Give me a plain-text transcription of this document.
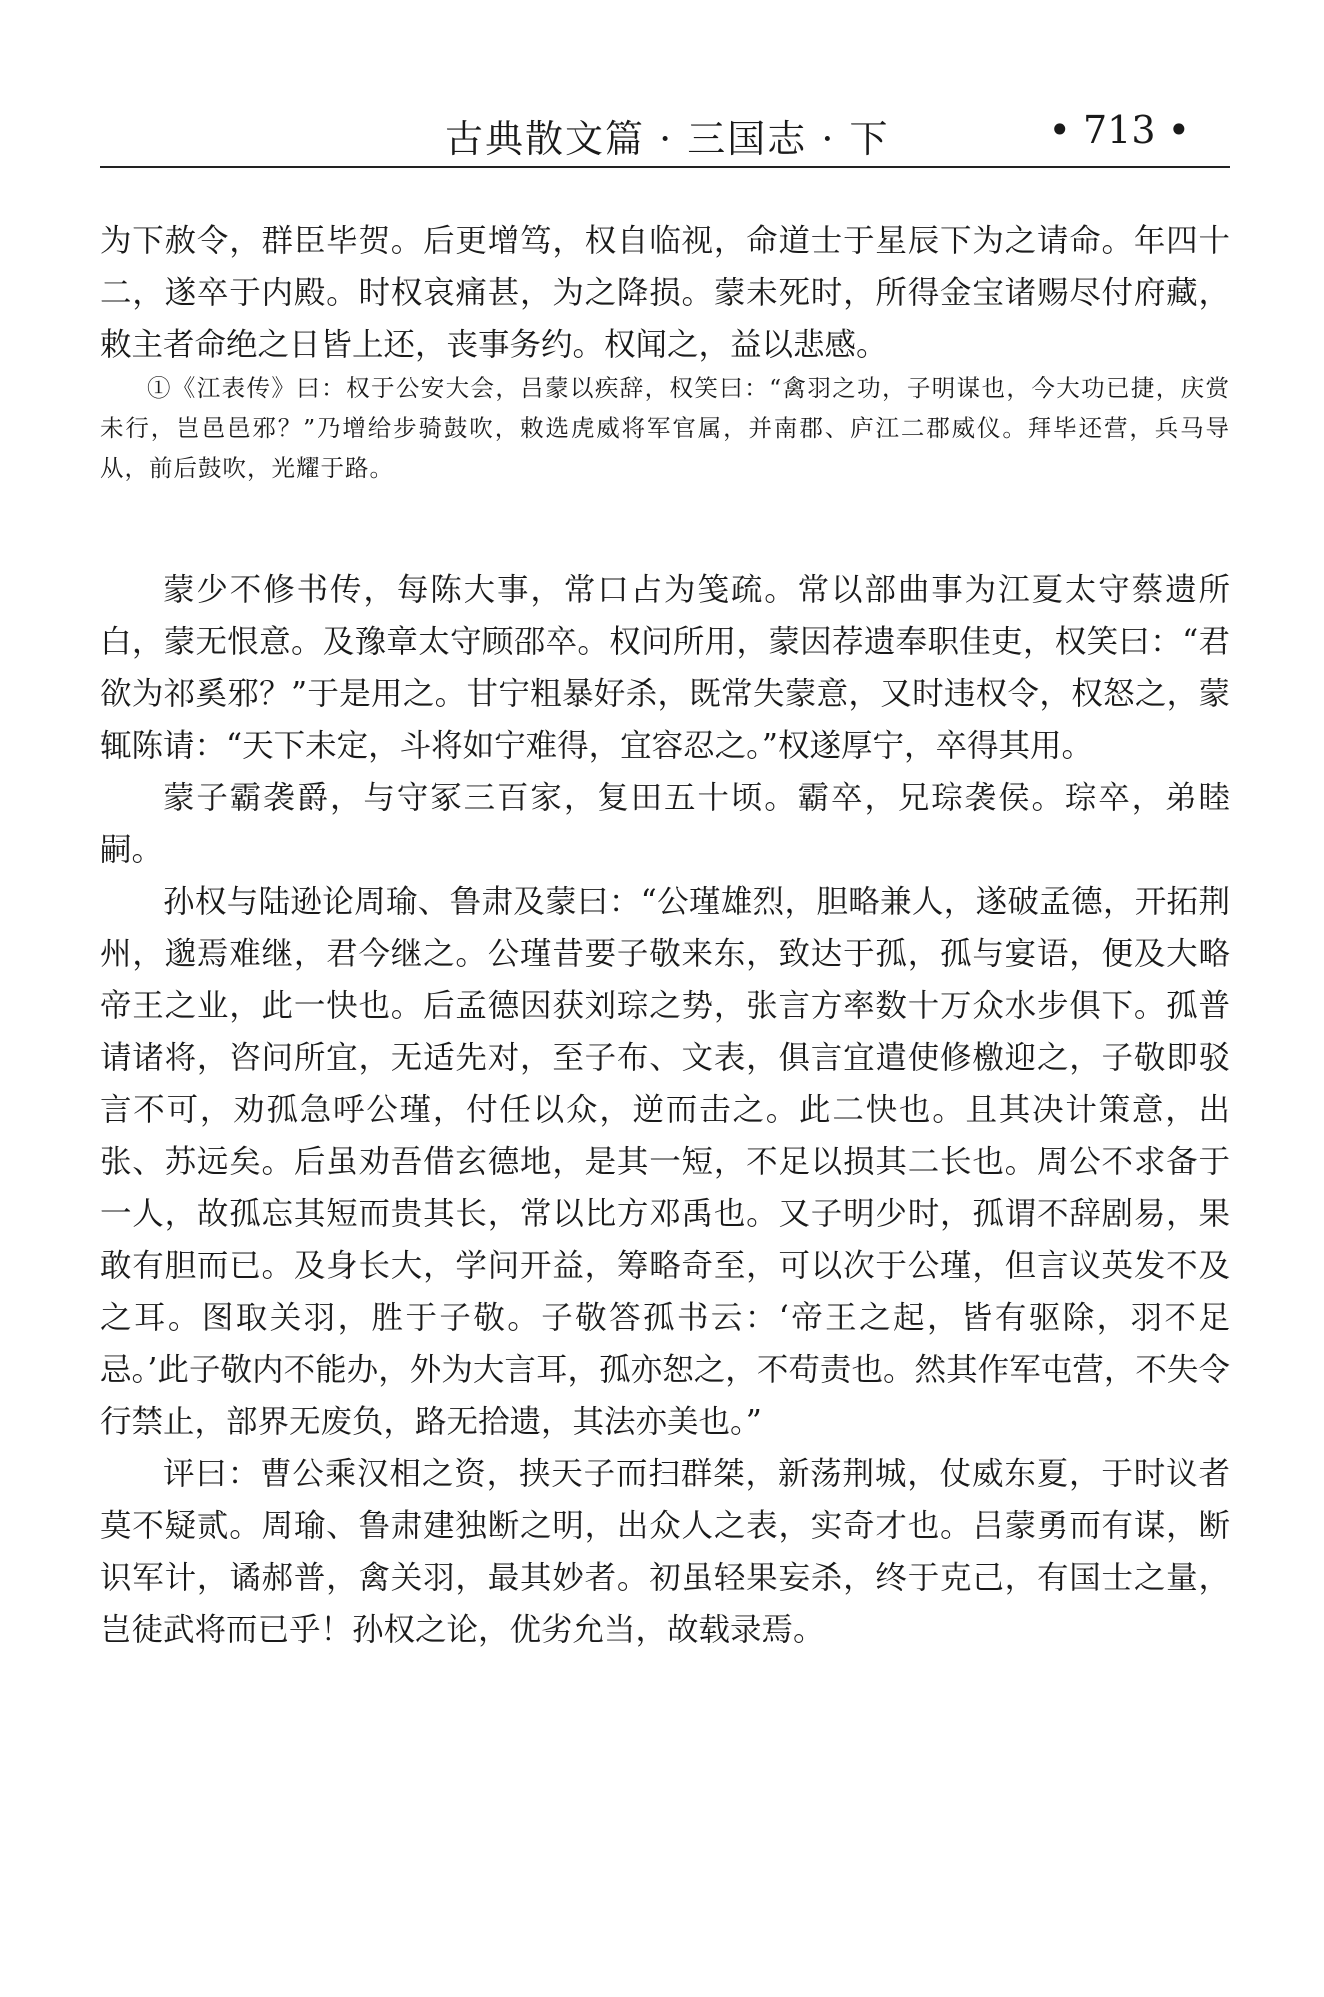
古典散文篇 · 三国志 · 下	• 713 •

为下赦令，群臣毕贺。后更增笃，权自临视，命道士于星辰下为之请命。年四十二，遂卒于内殿。时权哀痛甚，为之降损。蒙未死时，所得金宝诸赐尽付府藏，敕主者命绝之日皆上还，丧事务约。权闻之，益以悲感。

①《江表传》曰：权于公安大会，吕蒙以疾辞，权笑曰：“禽羽之功，子明谋也，今大功已捷，庆赏未行，岂邑邑邪？”乃增给步骑鼓吹，敕选虎威将军官属，并南郡、庐江二郡威仪。拜毕还营，兵马导从，前后鼓吹，光耀于路。

蒙少不修书传，每陈大事，常口占为笺疏。常以部曲事为江夏太守蔡遗所白，蒙无恨意。及豫章太守顾邵卒。权问所用，蒙因荐遗奉职佳吏，权笑曰：“君欲为祁奚邪？”于是用之。甘宁粗暴好杀，既常失蒙意，又时违权令，权怒之，蒙辄陈请：“天下未定，斗将如宁难得，宜容忍之。”权遂厚宁，卒得其用。

蒙子霸袭爵，与守冢三百家，复田五十顷。霸卒，兄琮袭侯。琮卒，弟睦嗣。

孙权与陆逊论周瑜、鲁肃及蒙曰：“公瑾雄烈，胆略兼人，遂破孟德，开拓荆州，邈焉难继，君今继之。公瑾昔要子敬来东，致达于孤，孤与宴语，便及大略帝王之业，此一快也。后孟德因获刘琮之势，张言方率数十万众水步俱下。孤普请诸将，咨问所宜，无适先对，至子布、文表，俱言宜遣使修檄迎之，子敬即驳言不可，劝孤急呼公瑾，付任以众，逆而击之。此二快也。且其决计策意，出张、苏远矣。后虽劝吾借玄德地，是其一短，不足以损其二长也。周公不求备于一人，故孤忘其短而贵其长，常以比方邓禹也。又子明少时，孤谓不辞剧易，果敢有胆而已。及身长大，学问开益，筹略奇至，可以次于公瑾，但言议英发不及之耳。图取关羽，胜于子敬。子敬答孤书云：‘帝王之起，皆有驱除，羽不足忌。’此子敬内不能办，外为大言耳，孤亦恕之，不苟责也。然其作军屯营，不失令行禁止，部界无废负，路无拾遗，其法亦美也。”

评曰：曹公乘汉相之资，挟天子而扫群桀，新荡荆城，仗威东夏，于时议者莫不疑贰。周瑜、鲁肃建独断之明，出众人之表，实奇才也。吕蒙勇而有谋，断识军计，谲郝普，禽关羽，最其妙者。初虽轻果妄杀，终于克己，有国士之量，岂徒武将而已乎！孙权之论，优劣允当，故载录焉。
